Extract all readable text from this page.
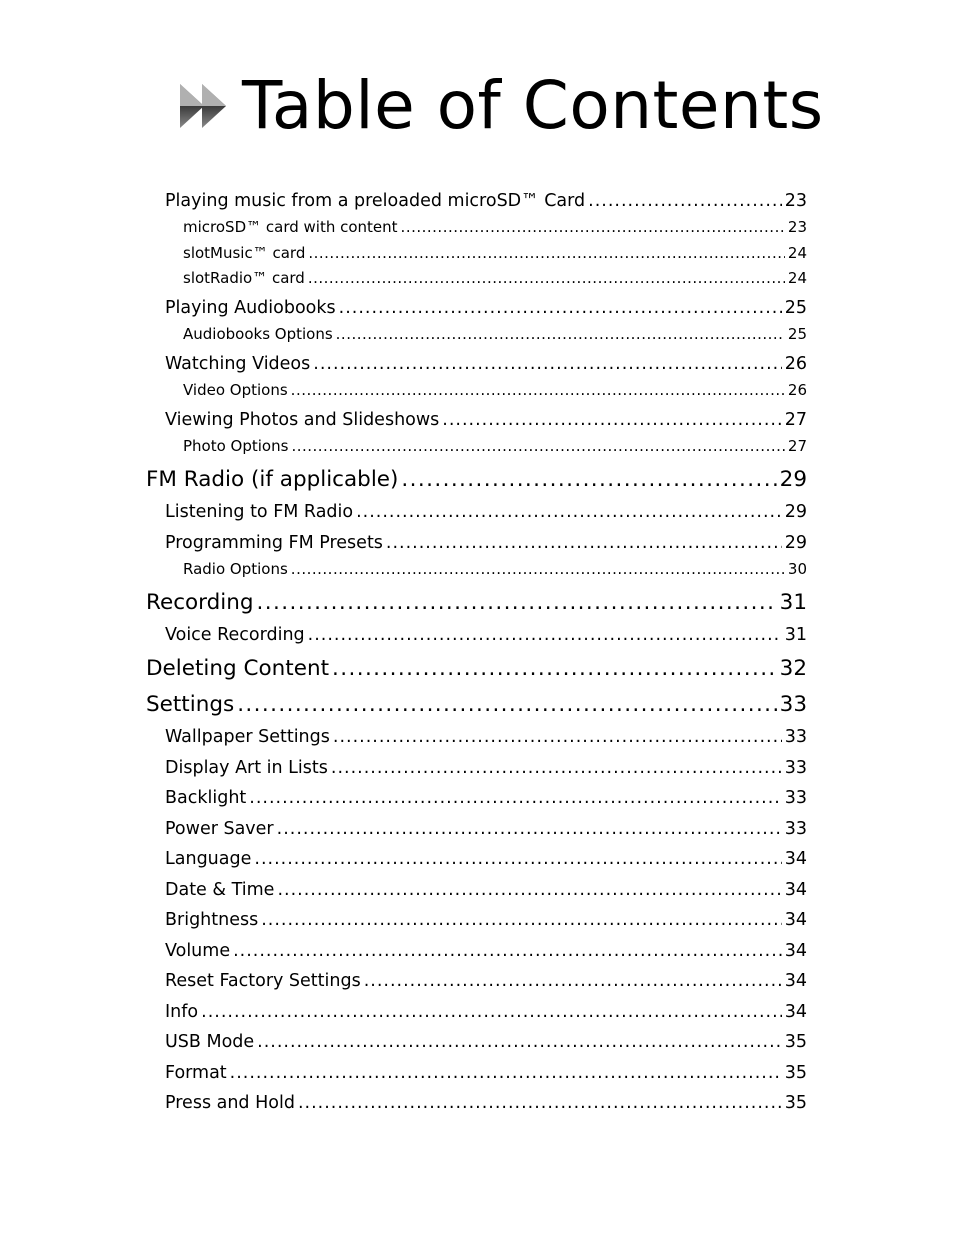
Table of Contents
Playing music from a preloaded microSD™ Card .....	23
microSD™ card with content .....	23
slotMusic™ card .....	24
slotRadio™ card .....	24
Playing Audiobooks .....	25
Audiobooks Options .....	25
Watching Videos .....	26
Video Options .....	26
Viewing Photos and Slideshows .....	27
Photo Options .....	27
FM Radio (if applicable) .....	29
Listening to FM Radio .....	29
Programming FM Presets .....	29
Radio Options .....	30
Recording .....	31
Voice Recording .....	31
Deleting Content .....	32
Settings .....	33
Wallpaper Settings .....	33
Display Art in Lists .....	33
Backlight .....	33
Power Saver .....	33
Language .....	34
Date & Time .....	34
Brightness .....	34
Volume .....	34
Reset Factory Settings .....	34
Info .....	34
USB Mode .....	35
Format .....	35
Press and Hold .....	35
